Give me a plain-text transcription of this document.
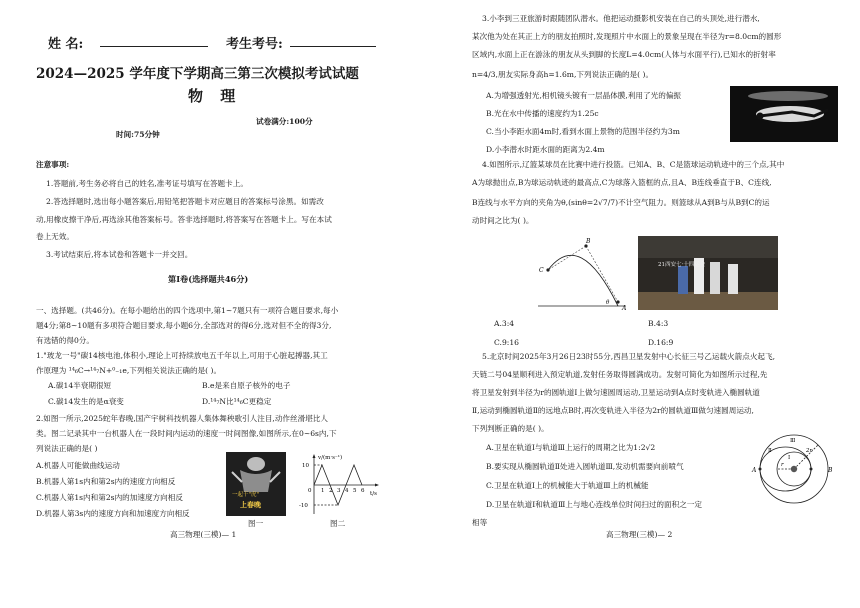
姓 名:	考生考号:
2024—2025 学年度下学期高三第三次模拟考试试题
物 理
试卷满分:100分
时间:75分钟
注意事项:
1.答题前,考生务必将自己的姓名,准考证号填写在答题卡上。
2.答选择题时,选出每小题答案后,用铅笔把答题卡对应题目的答案标号涂黑。如需改
动,用橡皮擦干净后,再选涂其他答案标号。答非选择题时,将答案写在答题卡上。写在本试
卷上无效。
3.考试结束后,将本试卷和答题卡一并交回。
第Ⅰ卷(选择题共46分)
一、选择题。(共46分)。在每小题给出的四个选项中,第1~7题只有一项符合题目要求,每小
题4分;第8~10题有多项符合题目要求,每小题6分,全部选对的得6分,选对但不全的得3分,
有选错的得0分。
1."玻龙一号"碳14核电池,体积小,理论上可持续放电五千年以上,可用于心脏起搏器,其工
作原理为 ¹⁴₆C→¹⁴₇N+⁰₋₁e,下列相关说法正确的是( )。
A.碳14半衰期很短	B.e是来自原子核外的电子
C.碳14发生的是α衰变	D.¹⁴₇N比¹⁴₆C更稳定
2.如图一所示,2025蛇年春晚,国产宇树科技机器人集体舞秧歌引人注目,动作丝滑堪比人
类。图二记录其中一台机器人在一段时间内运动的速度一时间图像,如图所示,在0~6s内,下
列说法正确的是( )
A.机器人可能做曲线运动
B.机器人第1s内和第2s内的速度方向相反
C.机器人第1s内和第2s内的加速度方向相反
D.机器人第3s内的速度方向和加速度方向相反
一起干"虎"
上春晚
图一
v/(m·s⁻¹)
t/s
10
-10
0 1 2 3 4 5 6
图二
高三物理(三模)— 1
3.小李到三亚旅游时跟随团队潜水。他把运动摄影机安装在自己的头顶处,进行潜水,
某次他为处在其正上方的朋友拍照时,发现照片中水面上的景象呈现在半径为r=8.0cm的圆形
区域内,水面上正在游泳的朋友从头到脚的长度L=4.0cm(人体与水面平行),已知水的折射率
n=4/3,朋友实际身高h=1.6m,下列说法正确的是( )。
A.为增强透射光,相机镜头镀有一层晶体膜,利用了光的偏振
B.光在水中传播的速度约为1.25c
C.当小李距水面4m时,看到水面上景物的范围半径约为3m
D.小李潜水时距水面的距离为2.4m
4.如图所示,辽篮某球员在比赛中进行投篮。已知A、B、C是篮球运动轨迹中的三个点,其中
A为球抛出点,B为球运动轨迹的最高点,C为球落入篮框的点,且A、B连线垂直于B、C连线,
B连线与水平方向的夹角为θ,(sinθ=2√7/7)不计空气阻力。则篮球从A到B与从B到C的运
动时间之比为( )。
C
B
A
θ
21西安七·十四运会
A.3:4	B.4:3
C.9:16	D.16:9
5.北京时间2025年3月26日23时55分,西昌卫星发射中心长征三号乙运载火箭点火起飞,
天链二号04星顺利进入预定轨道,发射任务取得圆满成功。发射可简化为如图所示过程,先
将卫星发射到半径为r的圆轨道Ⅰ上做匀速圆周运动,卫星运动到A点时变轨进入椭圆轨道
Ⅱ,运动到椭圆轨道Ⅱ的远地点B时,再次变轨进入半径为2r的圆轨道Ⅲ做匀速圆周运动,
下列判断正确的是( )。
A.卫星在轨道Ⅰ与轨道Ⅲ上运行的周期之比为1:2√2
B.要实现从椭圆轨道Ⅱ处进入圆轨道Ⅲ,发动机需要向前喷气
C.卫星在轨道Ⅰ上的机械能大于轨道Ⅲ上的机械能
D.卫星在轨道Ⅰ和轨道Ⅲ上与地心连线单位时间扫过的面积之一定
相等
A	B
r
2r
Ⅰ
Ⅱ
Ⅲ
高三物理(三模)— 2
